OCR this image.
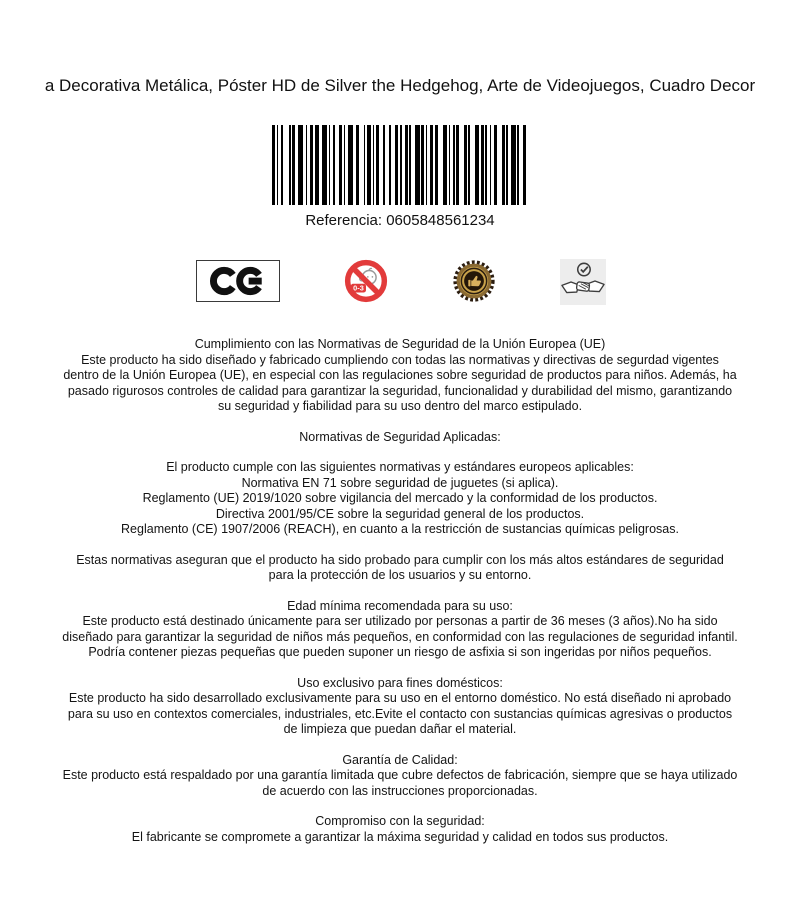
a Decorativa Metálica, Póster HD de Silver the Hedgehog, Arte de Videojuegos, Cuadro Decor
Referencia: 0605848561234
0-3
Cumplimiento con las Normativas de Seguridad de la Unión Europea (UE)
Este producto ha sido diseñado y fabricado cumpliendo con todas las normativas y directivas de segurdad vigentes dentro de la Unión Europea (UE), en especial con las regulaciones sobre seguridad de productos para niños. Además, ha pasado rigurosos controles de calidad para garantizar la seguridad, funcionalidad y durabilidad del mismo, garantizando su seguridad y fiabilidad para su uso dentro del marco estipulado.
Normativas de Seguridad Aplicadas:
El producto cumple con las siguientes normativas y estándares europeos aplicables:
Normativa EN 71 sobre seguridad de juguetes (si aplica).
Reglamento (UE) 2019/1020 sobre vigilancia del mercado y la conformidad de los productos.
Directiva 2001/95/CE sobre la seguridad general de los productos.
Reglamento (CE) 1907/2006 (REACH), en cuanto a la restricción de sustancias químicas peligrosas.
Estas normativas aseguran que el producto ha sido probado para cumplir con los más altos estándares de seguridad para la protección de los usuarios y su entorno.
Edad mínima recomendada para su uso:
Este producto está destinado únicamente para ser utilizado por personas a partir de 36 meses (3 años).No ha sido diseñado para garantizar la seguridad de niños más pequeños, en conformidad con las regulaciones de seguridad infantil. Podría contener piezas pequeñas que pueden suponer un riesgo de asfixia si son ingeridas por niños pequeños.
Uso exclusivo para fines domésticos:
Este producto ha sido desarrollado exclusivamente para su uso en el entorno doméstico. No está diseñado ni aprobado para su uso en contextos comerciales, industriales, etc.Evite el contacto con sustancias químicas agresivas o productos de limpieza que puedan dañar el material.
Garantía de Calidad:
Este producto está respaldado por una garantía limitada que cubre defectos de fabricación, siempre que se haya utilizado de acuerdo con las instrucciones proporcionadas.
Compromiso con la seguridad:
El fabricante se compromete a garantizar la máxima seguridad y calidad en todos sus productos.
